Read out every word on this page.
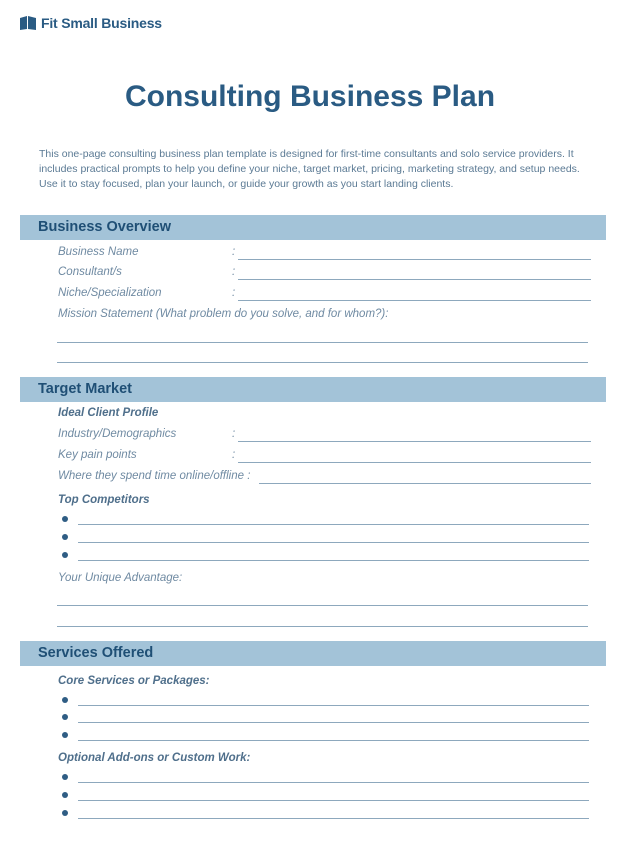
Fit Small Business
Consulting Business Plan
This one-page consulting business plan template is designed for first-time consultants and solo service providers. It includes practical prompts to help you define your niche, target market, pricing, marketing strategy, and setup needs. Use it to stay focused, plan your launch, or guide your growth as you start landing clients.
Business Overview
Business Name	:
Consultant/s	:
Niche/Specialization	:
Mission Statement (What problem do you solve, and for whom?):
Target Market
Ideal Client Profile
Industry/Demographics	:
Key pain points	:
Where they spend time online/offline :
Top Competitors
Your Unique Advantage:
Services Offered
Core Services or Packages:
Optional Add-ons or Custom Work:
